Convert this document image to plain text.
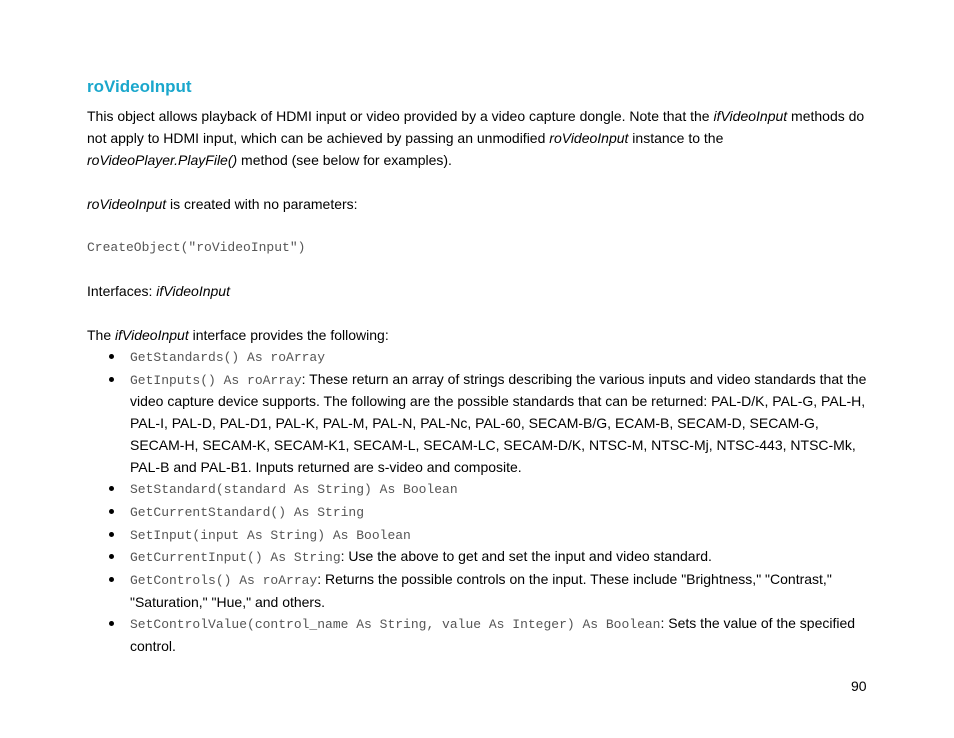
roVideoInput

This object allows playback of HDMI input or video provided by a video capture dongle. Note that the ifVideoInput methods do not apply to HDMI input, which can be achieved by passing an unmodified roVideoInput instance to the roVideoPlayer.PlayFile() method (see below for examples).

roVideoInput is created with no parameters:

CreateObject("roVideoInput")

Interfaces: ifVideoInput

The ifVideoInput interface provides the following:

GetStandards() As roArray
GetInputs() As roArray: These return an array of strings describing the various inputs and video standards that the video capture device supports. The following are the possible standards that can be returned: PAL-D/K, PAL-G, PAL-H, PAL-I, PAL-D, PAL-D1, PAL-K, PAL-M, PAL-N, PAL-Nc, PAL-60, SECAM-B/G, ECAM-B, SECAM-D, SECAM-G, SECAM-H, SECAM-K, SECAM-K1, SECAM-L, SECAM-LC, SECAM-D/K, NTSC-M, NTSC-Mj, NTSC-443, NTSC-Mk, PAL-B and PAL-B1. Inputs returned are s-video and composite.
SetStandard(standard As String) As Boolean
GetCurrentStandard() As String
SetInput(input As String) As Boolean
GetCurrentInput() As String: Use the above to get and set the input and video standard.
GetControls() As roArray: Returns the possible controls on the input. These include "Brightness," "Contrast," "Saturation," "Hue," and others.
SetControlValue(control_name As String, value As Integer) As Boolean: Sets the value of the specified control.
90
